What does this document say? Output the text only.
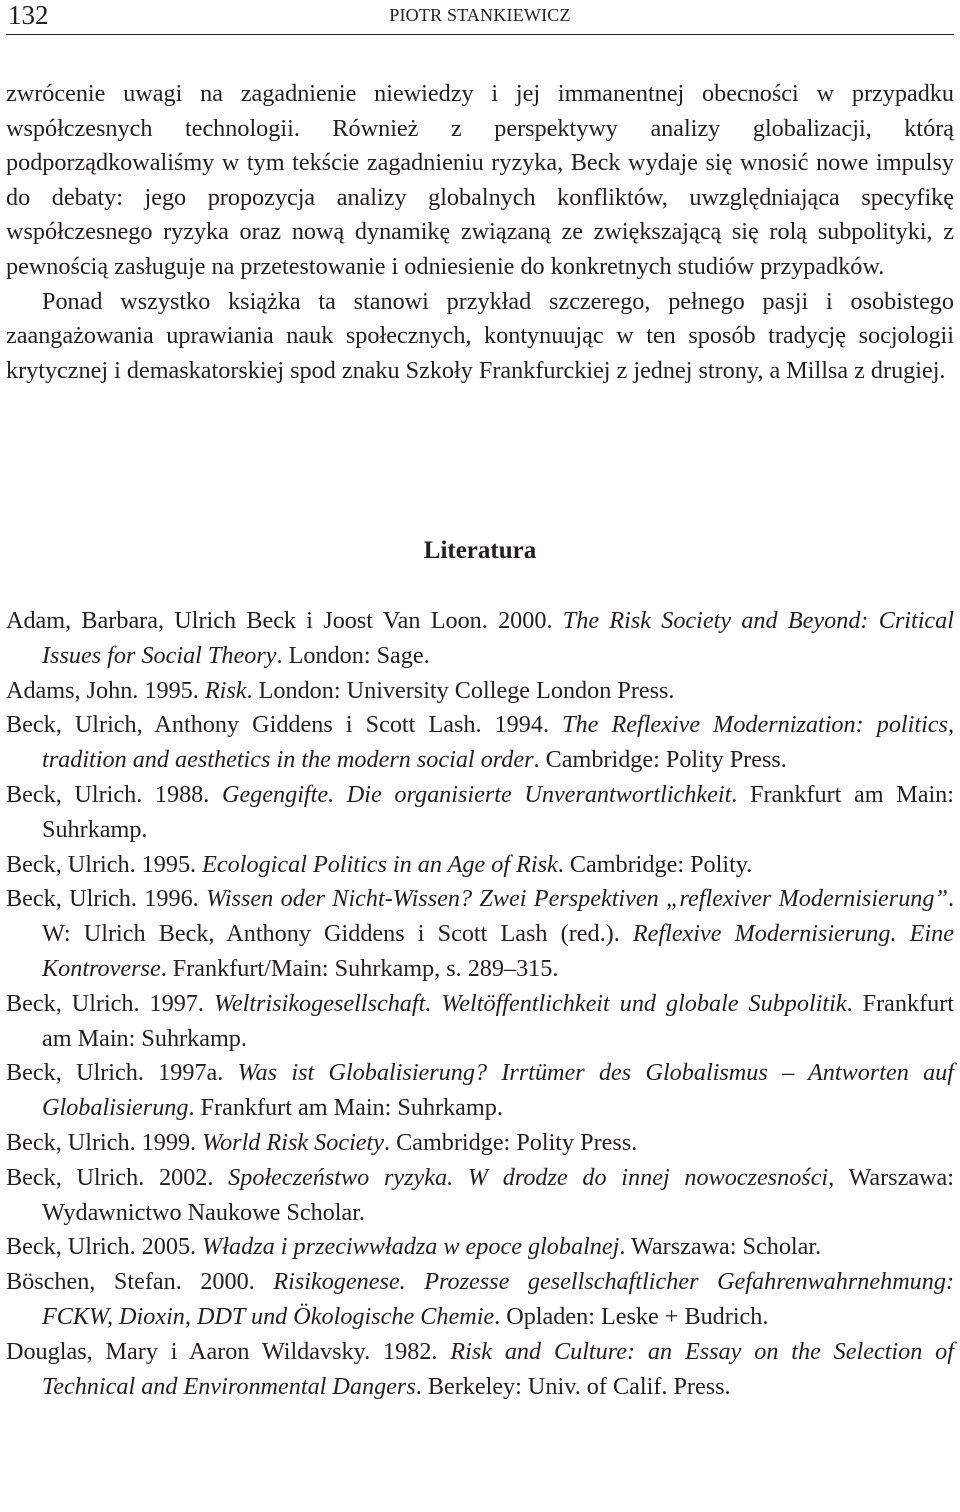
132	PIOTR STANKIEWICZ

zwrócenie uwagi na zagadnienie niewiedzy i jej immanentnej obecności w przypadku współczesnych technologii. Również z perspektywy analizy globalizacji, którą podporządkowaliśmy w tym tekście zagadnieniu ryzyka, Beck wydaje się wnosić nowe impulsy do debaty: jego propozycja analizy globalnych konfliktów, uwzględniająca specyfikę współczesnego ryzyka oraz nową dynamikę związaną ze zwiększającą się rolą subpolityki, z pewnością zasługuje na przetestowanie i odniesienie do konkretnych studiów przypadków.

Ponad wszystko książka ta stanowi przykład szczerego, pełnego pasji i osobistego zaangażowania uprawiania nauk społecznych, kontynuując w ten sposób tradycję socjologii krytycznej i demaskatorskiej spod znaku Szkoły Frankfurckiej z jednej strony, a Millsa z drugiej.

Literatura

Adam, Barbara, Ulrich Beck i Joost Van Loon. 2000. The Risk Society and Beyond: Critical Issues for Social Theory. London: Sage.

Adams, John. 1995. Risk. London: University College London Press.

Beck, Ulrich, Anthony Giddens i Scott Lash. 1994. The Reflexive Modernization: politics, tradition and aesthetics in the modern social order. Cambridge: Polity Press.

Beck, Ulrich. 1988. Gegengifte. Die organisierte Unverantwortlichkeit. Frankfurt am Main: Suhrkamp.

Beck, Ulrich. 1995. Ecological Politics in an Age of Risk. Cambridge: Polity.

Beck, Ulrich. 1996. Wissen oder Nicht-Wissen? Zwei Perspektiven „reflexiver Modernisierung”. W: Ulrich Beck, Anthony Giddens i Scott Lash (red.). Reflexive Modernisierung. Eine Kontroverse. Frankfurt/Main: Suhrkamp, s. 289–315.

Beck, Ulrich. 1997. Weltrisikogesellschaft. Weltöffentlichkeit und globale Subpolitik. Frankfurt am Main: Suhrkamp.

Beck, Ulrich. 1997a. Was ist Globalisierung? Irrtümer des Globalismus – Antworten auf Globalisierung. Frankfurt am Main: Suhrkamp.

Beck, Ulrich. 1999. World Risk Society. Cambridge: Polity Press.

Beck, Ulrich. 2002. Społeczeństwo ryzyka. W drodze do innej nowoczesności, Warszawa: Wydawnictwo Naukowe Scholar.

Beck, Ulrich. 2005. Władza i przeciwwładza w epoce globalnej. Warszawa: Scholar.

Böschen, Stefan. 2000. Risikogenese. Prozesse gesellschaftlicher Gefahrenwahrnehmung: FCKW, Dioxin, DDT und Ökologische Chemie. Opladen: Leske + Budrich.

Douglas, Mary i Aaron Wildavsky. 1982. Risk and Culture: an Essay on the Selection of Technical and Environmental Dangers. Berkeley: Univ. of Calif. Press.
